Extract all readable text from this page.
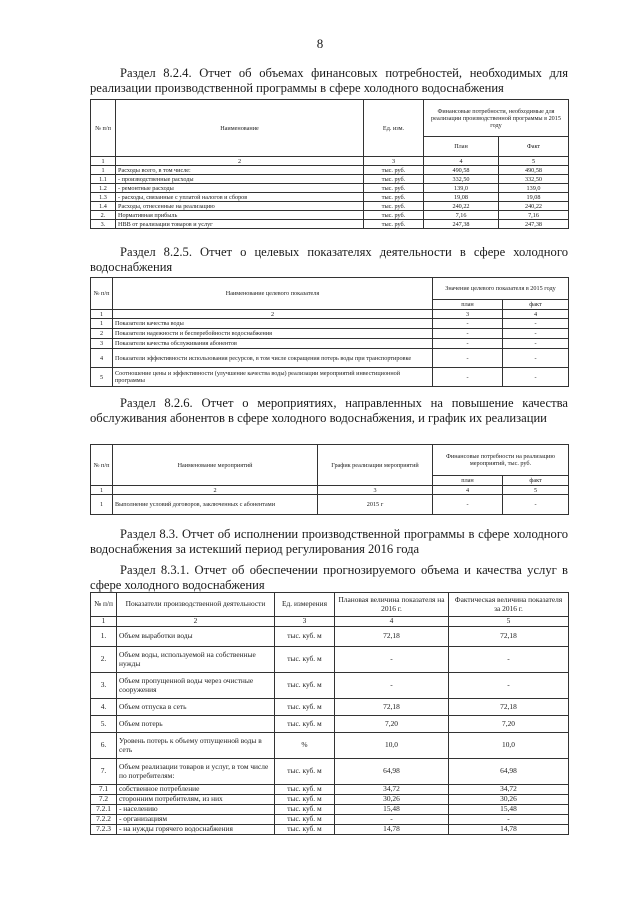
8
Раздел 8.2.4. Отчет об объемах финансовых потребностей, необходимых для реализации производственной программы в сфере холодного водоснабжения
№ п/п	Наименование	Ед. изм.	Финансовые потребности, необходимые для реализации производственной программы в 2015 году	
			План	Факт
1	2	3	4	5
1	Расходы всего, в том числе:	тыс. руб.	490,58	490,58
1.1	- производственные расходы	тыс. руб.	332,50	332,50
1.2	- ремонтные расходы	тыс. руб.	139,0	139,0
1.3	- расходы, связанные с уплатой налогов и сборов	тыс. руб.	19,08	19,08
1.4	Расходы, отнесенные на реализацию	тыс. руб.	240,22	240,22
2.	Нормативная прибыль	тыс. руб.	7,16	7,16
3.	НВВ от реализации товаров и услуг	тыс. руб.	247,38	247,38
Раздел 8.2.5. Отчет о целевых показателях деятельности в сфере холодного водоснабжения
№ п/п	Наименование целевого показателя	Значение целевого показателя в 2015 году	
		план	факт
1	2	3	4
1	Показатели качества воды	-	-
2	Показатели надежности и бесперебойности водоснабжения	-	-
3	Показатели качества обслуживания абонентов	-	-
4	Показатели эффективности использования ресурсов, в том числе сокращения потерь воды при транспортировке	-	-
5	Соотношение цены и эффективности (улучшение качества воды) реализации мероприятий инвестиционной программы	-	-
Раздел 8.2.6. Отчет о мероприятиях, направленных на повышение качества обслуживания абонентов в сфере холодного водоснабжения, и график их реализации
№ п/п	Наименование мероприятий	График реализации мероприятий	Финансовые потребности на реализацию мероприятий, тыс. руб.	
			план	факт
1	2	3	4	5
1	Выполнение условий договоров, заключенных с абонентами	2015 г	-	-
Раздел 8.3. Отчет об исполнении производственной программы в сфере холодного водоснабжения за истекший период регулирования 2016 года
Раздел 8.3.1. Отчет об обеспечении прогнозируемого объема и качества услуг в сфере холодного водоснабжения
№ п/п	Показатели производственной деятельности	Ед. измерения	Плановая величина показателя на 2016 г.	Фактическая величина показателя за 2016 г.
1	2	3	4	5
1.	Объем выработки воды	тыс. куб. м	72,18	72,18
2.	Объем воды, используемой на собственные нужды	тыс. куб. м	-	-
3.	Объем пропущенной воды через очистные сооружения	тыс. куб. м	-	-
4.	Объем отпуска в сеть	тыс. куб. м	72,18	72,18
5.	Объем потерь	тыс. куб. м	7,20	7,20
6.	Уровень потерь к объему отпущенной воды в сеть	%	10,0	10,0
7.	Объем реализации товаров и услуг, в том числе по потребителям:	тыс. куб. м	64,98	64,98
7.1	собственное потребление	тыс. куб. м	34,72	34,72
7.2	сторонним потребителям, из них	тыс. куб. м	30,26	30,26
7.2.1	- населению	тыс. куб. м	15,48	15,48
7.2.2	- организациям	тыс. куб. м	-	-
7.2.3	- на нужды горячего водоснабжения	тыс. куб. м	14,78	14,78
